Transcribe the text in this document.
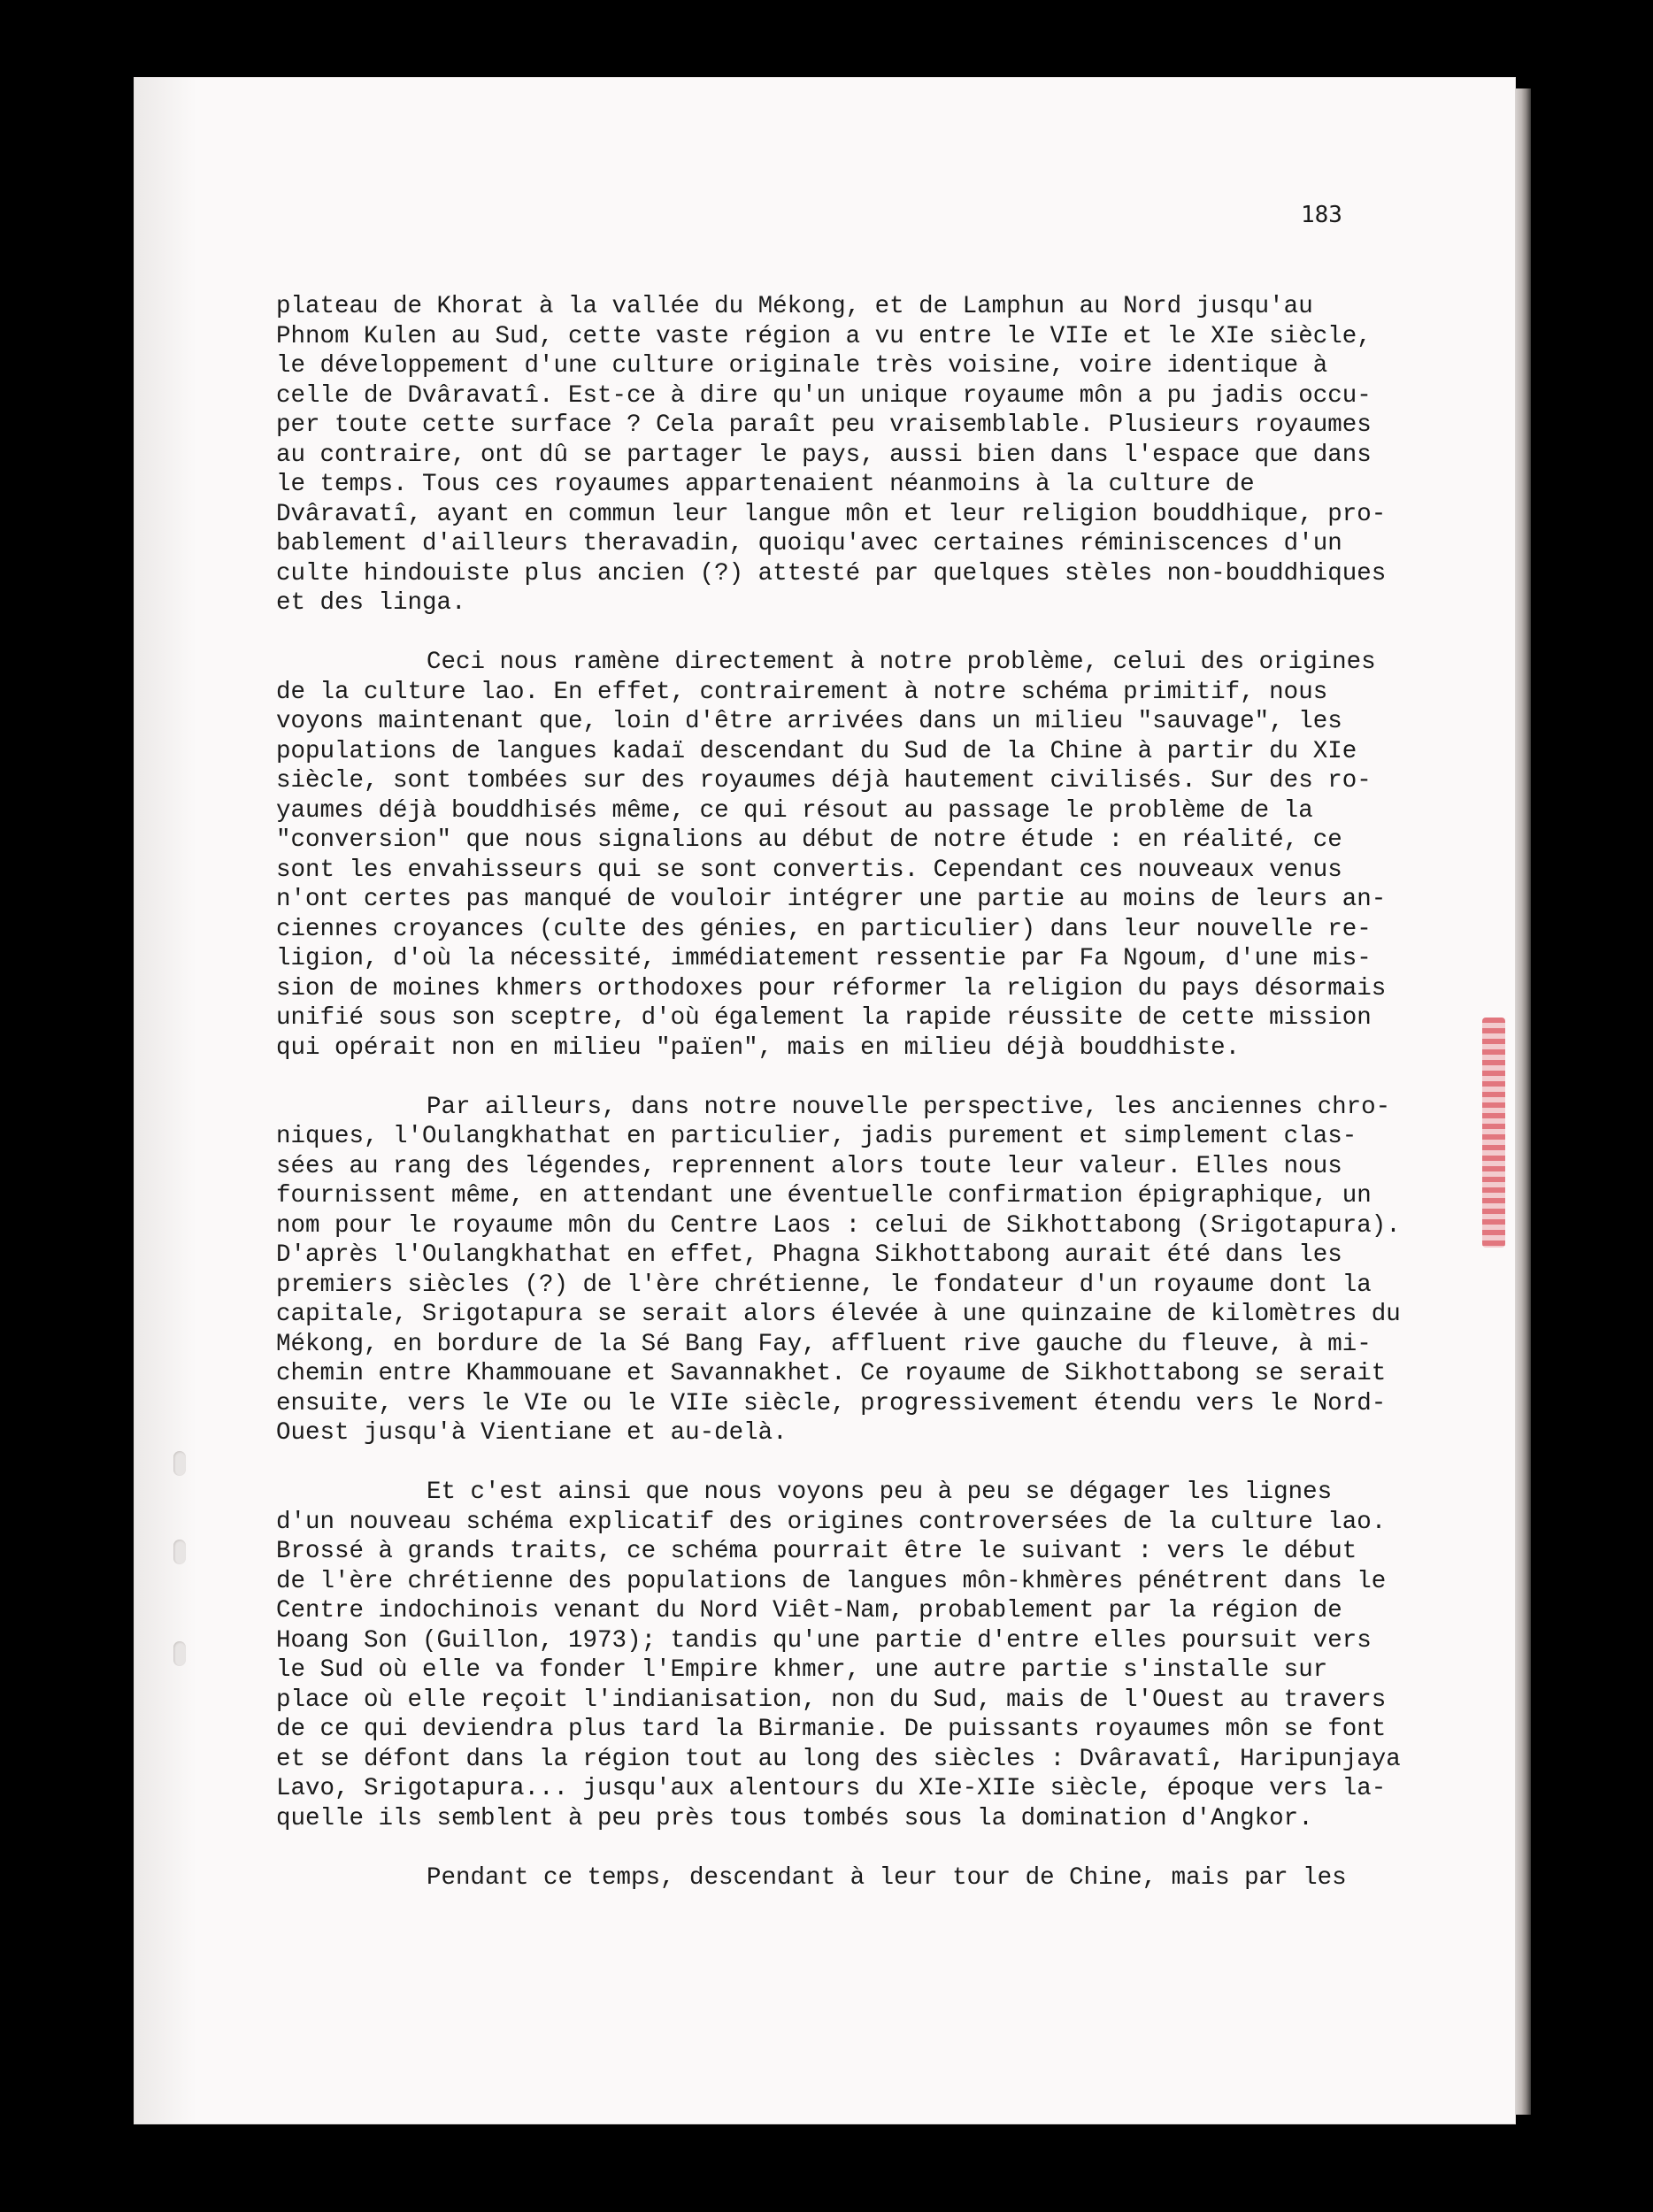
183
plateau de Khorat à la vallée du Mékong, et de Lamphun au Nord jusqu'au
Phnom Kulen au Sud, cette vaste région a vu entre le VIIe et le XIe siècle,
le développement d'une culture originale très voisine, voire identique à
celle de Dvâravatî. Est-ce à dire qu'un unique royaume môn a pu jadis occu-
per toute cette surface ? Cela paraît peu vraisemblable. Plusieurs royaumes
au contraire, ont dû se partager le pays, aussi bien dans l'espace que dans
le temps. Tous ces royaumes appartenaient néanmoins à la culture de
Dvâravatî, ayant en commun leur langue môn et leur religion bouddhique, pro-
bablement d'ailleurs theravadin, quoiqu'avec certaines réminiscences d'un
culte hindouiste plus ancien (?) attesté par quelques stèles non-bouddhiques
et des linga.
Ceci nous ramène directement à notre problème, celui des origines
de la culture lao. En effet, contrairement à notre schéma primitif, nous
voyons maintenant que, loin d'être arrivées dans un milieu "sauvage", les
populations de langues kadaï descendant du Sud de la Chine à partir du XIe
siècle, sont tombées sur des royaumes déjà hautement civilisés. Sur des ro-
yaumes déjà bouddhisés même, ce qui résout au passage le problème de la
"conversion" que nous signalions au début de notre étude : en réalité, ce
sont les envahisseurs qui se sont convertis. Cependant ces nouveaux venus
n'ont certes pas manqué de vouloir intégrer une partie au moins de leurs an-
ciennes croyances (culte des génies, en particulier) dans leur nouvelle re-
ligion, d'où la nécessité, immédiatement ressentie par Fa Ngoum, d'une mis-
sion de moines khmers orthodoxes pour réformer la religion du pays désormais
unifié sous son sceptre, d'où également la rapide réussite de cette mission
qui opérait non en milieu "païen", mais en milieu déjà bouddhiste.
Par ailleurs, dans notre nouvelle perspective, les anciennes chro-
niques, l'Oulangkhathat en particulier, jadis purement et simplement clas-
sées au rang des légendes, reprennent alors toute leur valeur. Elles nous
fournissent même, en attendant une éventuelle confirmation épigraphique, un
nom pour le royaume môn du Centre Laos : celui de Sikhottabong (Srigotapura).
D'après l'Oulangkhathat en effet, Phagna Sikhottabong aurait été dans les
premiers siècles (?) de l'ère chrétienne, le fondateur d'un royaume dont la
capitale, Srigotapura se serait alors élevée à une quinzaine de kilomètres du
Mékong, en bordure de la Sé Bang Fay, affluent rive gauche du fleuve, à mi-
chemin entre Khammouane et Savannakhet. Ce royaume de Sikhottabong se serait
ensuite, vers le VIe ou le VIIe siècle, progressivement étendu vers le Nord-
Ouest jusqu'à Vientiane et au-delà.
Et c'est ainsi que nous voyons peu à peu se dégager les lignes
d'un nouveau schéma explicatif des origines controversées de la culture lao.
Brossé à grands traits, ce schéma pourrait être le suivant : vers le début
de l'ère chrétienne des populations de langues môn-khmères pénétrent dans le
Centre indochinois venant du Nord Viêt-Nam, probablement par la région de
Hoang Son (Guillon, 1973); tandis qu'une partie d'entre elles poursuit vers
le Sud où elle va fonder l'Empire khmer, une autre partie s'installe sur
place où elle reçoit l'indianisation, non du Sud, mais de l'Ouest au travers
de ce qui deviendra plus tard la Birmanie. De puissants royaumes môn se font
et se défont dans la région tout au long des siècles : Dvâravatî, Haripunjaya
Lavo, Srigotapura... jusqu'aux alentours du XIe-XIIe siècle, époque vers la-
quelle ils semblent à peu près tous tombés sous la domination d'Angkor.
Pendant ce temps, descendant à leur tour de Chine, mais par les
